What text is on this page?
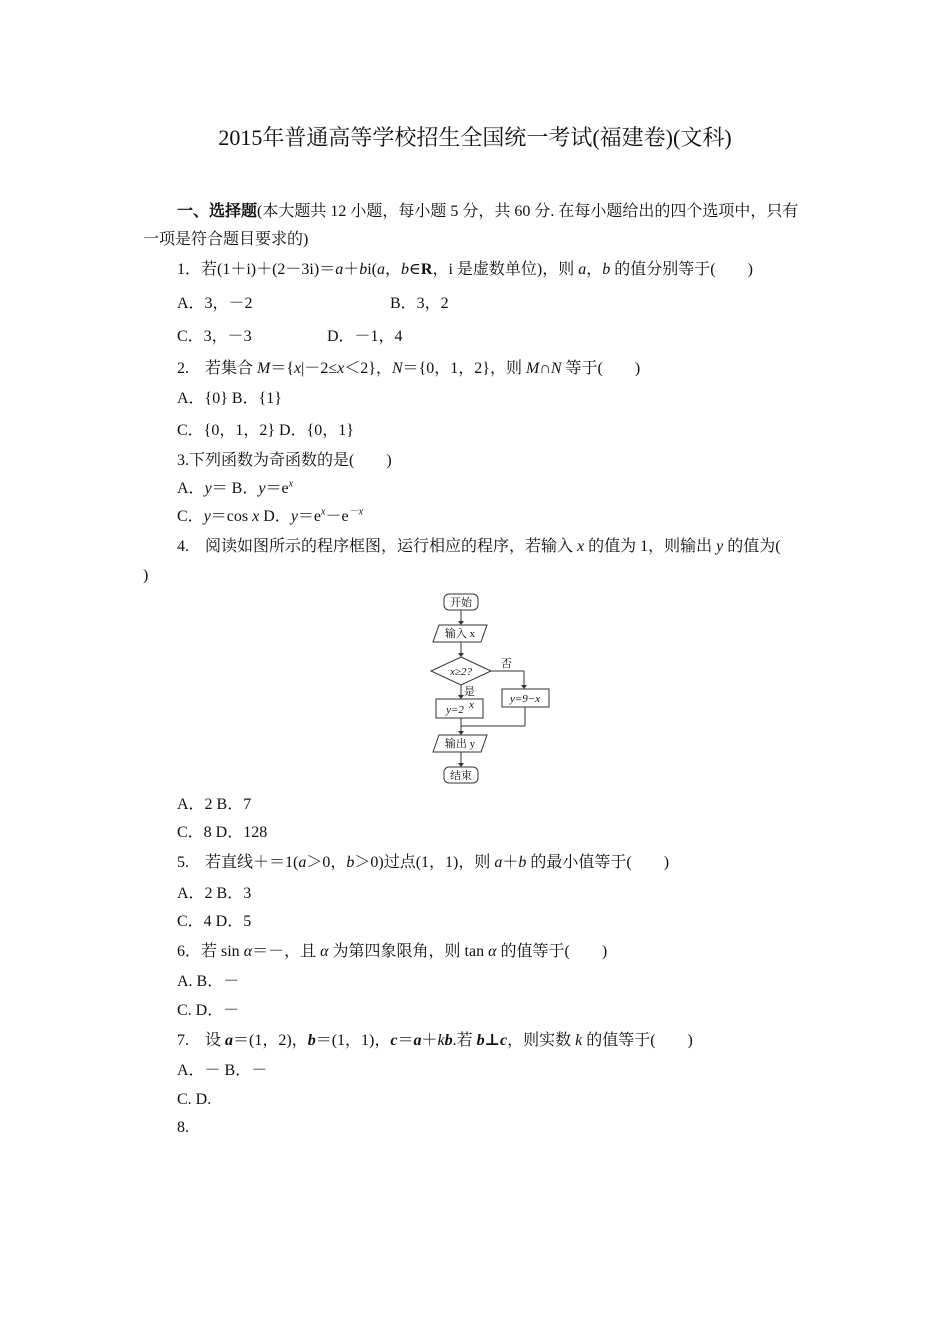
2015年普通高等学校招生全国统一考试(福建卷)(文科)
一、选择题(本大题共 12 小题，每小题 5 分，共 60 分. 在每小题给出的四个选项中，只有
一项是符合题目要求的)
1．若(1＋i)＋(2－3i)＝a＋bi(a，b∈R，i 是虚数单位)，则 a，b 的值分别等于(　　)
A．3，－2	B．3，2
C．3，－3	D．－1，4
2.　若集合 M＝{x|－2≤x＜2}，N＝{0，1，2}，则 M∩N 等于(　　)
A．{0} B．{1}
C．{0，1，2} D．{0，1}
3.下列函数为奇函数的是(　　)
A．y＝ B．$y=e^x$
C．y＝cos x D．$y=e^x-e^{-x}$
4.　阅读如图所示的程序框图，运行相应的程序，若输入 x 的值为 1，则输出 y 的值为(
)
开始
输入 x
x≥2?
否
y=9−x
是
y=2 x
输出 y
结束
A．2 B．7
C．8 D．128
5.　若直线＋＝1(a＞0，b＞0)过点(1，1)，则 a＋b 的最小值等于(　　)
A．2 B．3
C．4 D．5
6．若 sin α＝－，且 α 为第四象限角，则 tan α 的值等于(　　)
A. B．－
C. D．－
7.　设 a＝(1，2)，b＝(1，1)，c＝a＋kb.若 b⊥c，则实数 k 的值等于(　　)
A．－ B．－
C. D.
8.
